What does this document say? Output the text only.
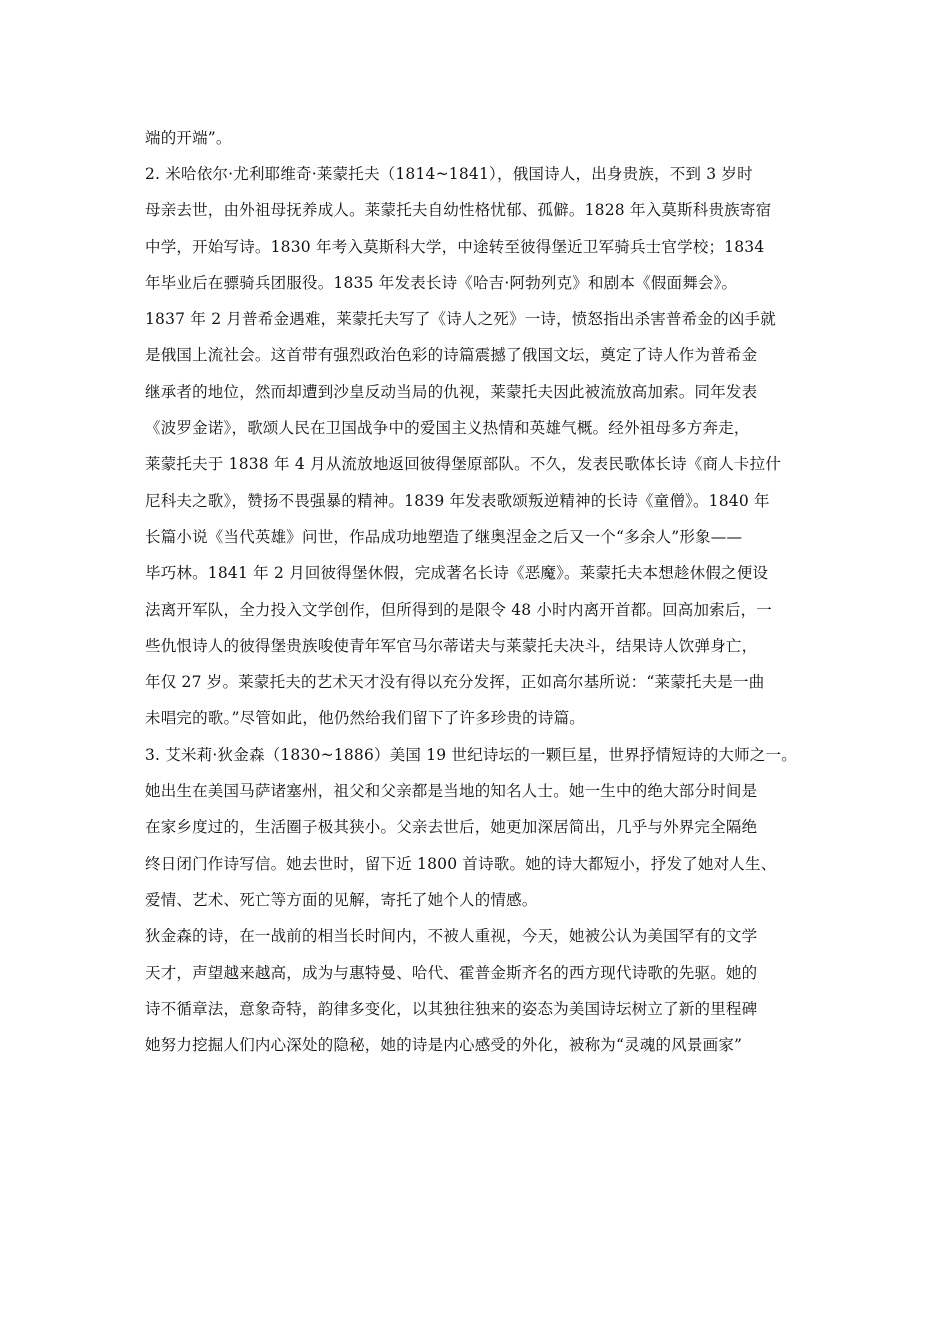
端的开端”。
2. 米哈依尔·尤利耶维奇·莱蒙托夫（1814~1841），俄国诗人，出身贵族，不到 3 岁时
母亲去世，由外祖母抚养成人。莱蒙托夫自幼性格忧郁、孤僻。1828 年入莫斯科贵族寄宿
中学，开始写诗。1830 年考入莫斯科大学，中途转至彼得堡近卫军骑兵士官学校；1834
年毕业后在骠骑兵团服役。1835 年发表长诗《哈吉·阿勃列克》和剧本《假面舞会》。
1837 年 2 月普希金遇难，莱蒙托夫写了《诗人之死》一诗，愤怒指出杀害普希金的凶手就
是俄国上流社会。这首带有强烈政治色彩的诗篇震撼了俄国文坛，奠定了诗人作为普希金
继承者的地位，然而却遭到沙皇反动当局的仇视，莱蒙托夫因此被流放高加索。同年发表
《波罗金诺》，歌颂人民在卫国战争中的爱国主义热情和英雄气概。经外祖母多方奔走，
莱蒙托夫于 1838 年 4 月从流放地返回彼得堡原部队。不久，发表民歌体长诗《商人卡拉什
尼科夫之歌》，赞扬不畏强暴的精神。1839 年发表歌颂叛逆精神的长诗《童僧》。1840 年
长篇小说《当代英雄》问世，作品成功地塑造了继奥涅金之后又一个“多余人”形象——
毕巧林。1841 年 2 月回彼得堡休假，完成著名长诗《恶魔》。莱蒙托夫本想趁休假之便设
法离开军队，全力投入文学创作，但所得到的是限令 48 小时内离开首都。回高加索后，一
些仇恨诗人的彼得堡贵族唆使青年军官马尔蒂诺夫与莱蒙托夫决斗，结果诗人饮弹身亡，
年仅 27 岁。莱蒙托夫的艺术天才没有得以充分发挥，正如高尔基所说：“莱蒙托夫是一曲
未唱完的歌。”尽管如此，他仍然给我们留下了许多珍贵的诗篇。
3. 艾米莉·狄金森（1830~1886）美国 19 世纪诗坛的一颗巨星，世界抒情短诗的大师之一。
她出生在美国马萨诸塞州，祖父和父亲都是当地的知名人士。她一生中的绝大部分时间是
在家乡度过的，生活圈子极其狭小。父亲去世后，她更加深居简出，几乎与外界完全隔绝
终日闭门作诗写信。她去世时，留下近 1800 首诗歌。她的诗大都短小，抒发了她对人生、
爱情、艺术、死亡等方面的见解，寄托了她个人的情感。
狄金森的诗，在一战前的相当长时间内，不被人重视，今天，她被公认为美国罕有的文学
天才，声望越来越高，成为与惠特曼、哈代、霍普金斯齐名的西方现代诗歌的先驱。她的
诗不循章法，意象奇特，韵律多变化，以其独往独来的姿态为美国诗坛树立了新的里程碑
她努力挖掘人们内心深处的隐秘，她的诗是内心感受的外化，被称为“灵魂的风景画家”
